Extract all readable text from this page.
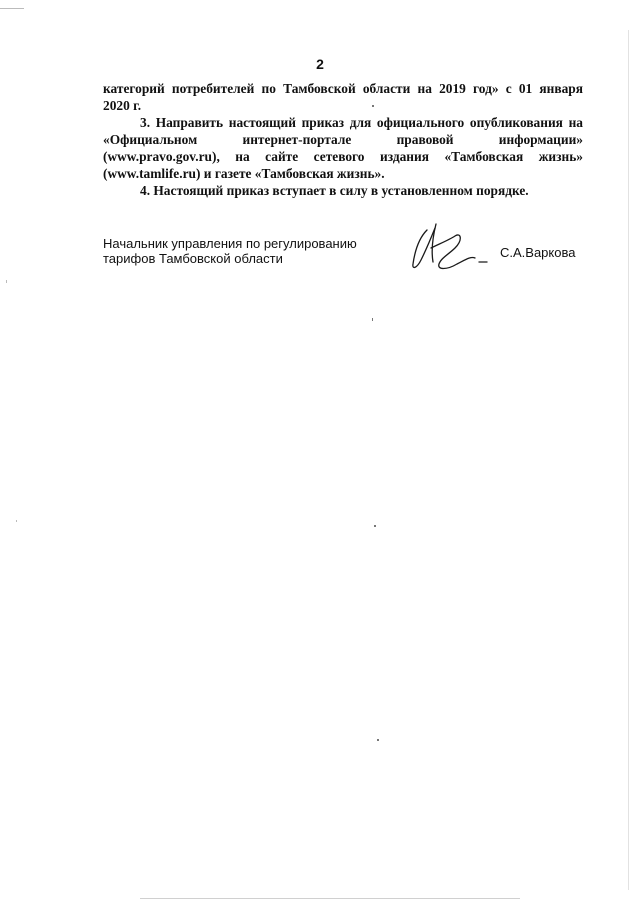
2

категорий потребителей по Тамбовской области на 2019 год» с 01 января

2020 г.

3. Направить настоящий приказ для официального опубликования на

«Официальном интернет-портале правовой информации»

(www.pravo.gov.ru), на сайте сетевого издания «Тамбовская жизнь»

(www.tamlife.ru) и газете «Тамбовская жизнь».

4. Настоящий приказ вступает в силу в установленном порядке.

Начальник управления по регулированию
тарифов Тамбовской области	С.А.Варкова
